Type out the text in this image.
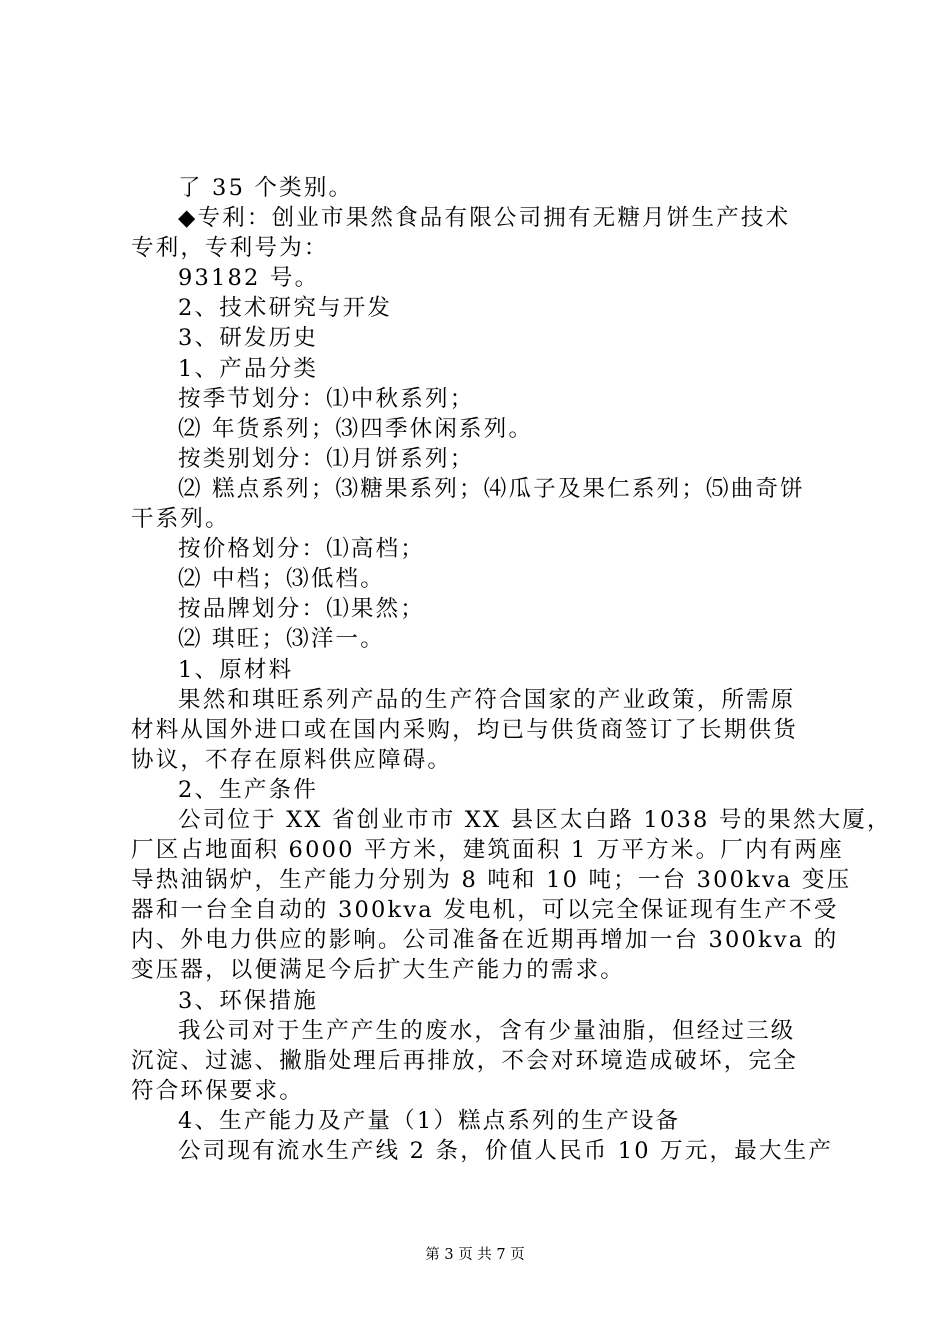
了 35 个类别。
◆专利：创业市果然食品有限公司拥有无糖月饼生产技术
专利，专利号为：
93182 号。
2、技术研究与开发
3、研发历史
1、产品分类
按季节划分：⑴中秋系列；
⑵ 年货系列；⑶四季休闲系列。
按类别划分：⑴月饼系列；
⑵ 糕点系列；⑶糖果系列；⑷瓜子及果仁系列；⑸曲奇饼
干系列。
按价格划分：⑴高档；
⑵ 中档；⑶低档。
按品牌划分：⑴果然；
⑵ 琪旺；⑶洋一。
1、原材料
果然和琪旺系列产品的生产符合国家的产业政策，所需原
材料从国外进口或在国内采购，均已与供货商签订了长期供货
协议，不存在原料供应障碍。
2、生产条件
公司位于 XX 省创业市市 XX 县区太白路 1038 号的果然大厦，
厂区占地面积 6000 平方米，建筑面积 1 万平方米。厂内有两座
导热油锅炉，生产能力分别为 8 吨和 10 吨；一台 300kva 变压
器和一台全自动的 300kva 发电机，可以完全保证现有生产不受
内、外电力供应的影响。公司准备在近期再增加一台 300kva 的
变压器，以便满足今后扩大生产能力的需求。
3、环保措施
我公司对于生产产生的废水，含有少量油脂，但经过三级
沉淀、过滤、撇脂处理后再排放，不会对环境造成破坏，完全
符合环保要求。
4、生产能力及产量（1）糕点系列的生产设备
公司现有流水生产线 2 条，价值人民币 10 万元，最大生产
第 3 页 共 7 页
